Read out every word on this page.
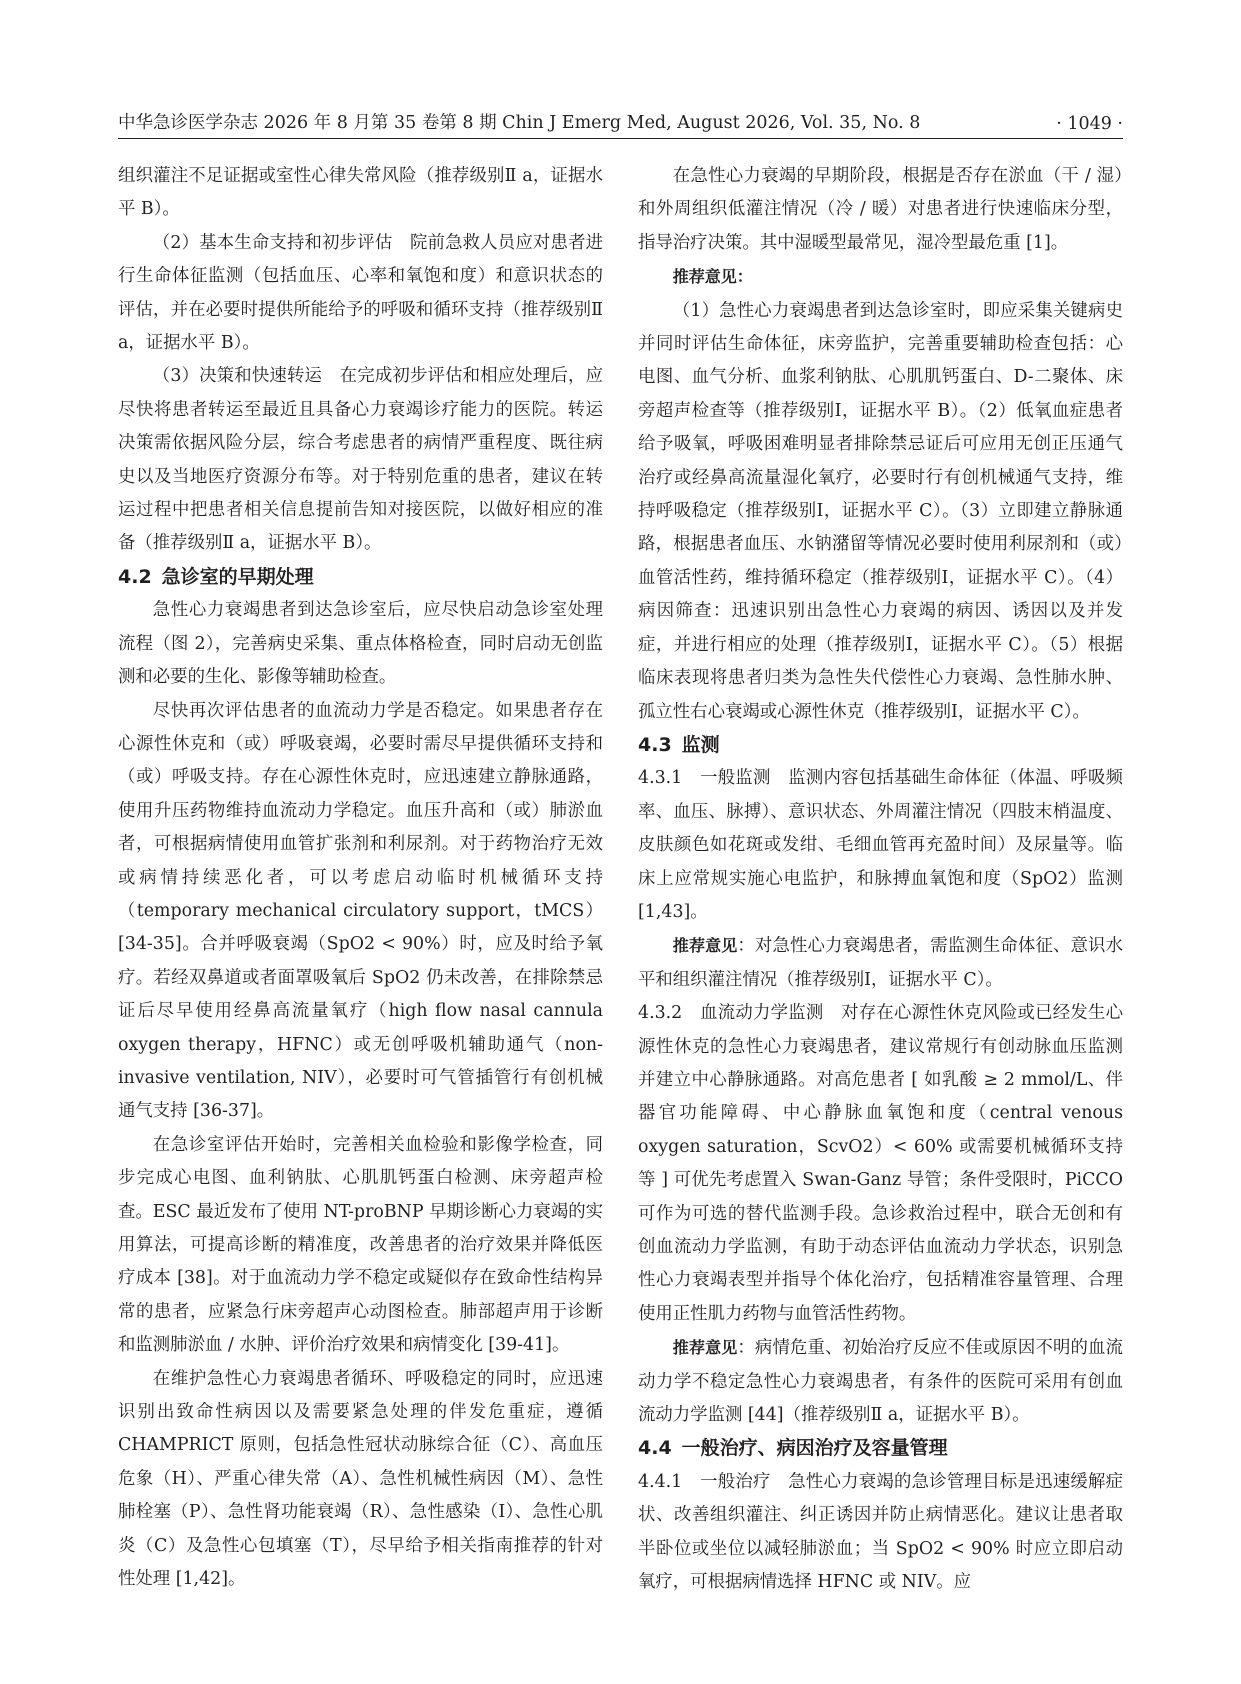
中华急诊医学杂志 2026 年 8 月第 35 卷第 8 期 Chin J Emerg Med, August 2026, Vol. 35, No. 8	· 1049 ·

组织灌注不足证据或室性心律失常风险（推荐级别Ⅱ a，证据水平 B）。

（2）基本生命支持和初步评估　院前急救人员应对患者进行生命体征监测（包括血压、心率和氧饱和度）和意识状态的评估，并在必要时提供所能给予的呼吸和循环支持（推荐级别Ⅱ a，证据水平 B）。

（3）决策和快速转运　在完成初步评估和相应处理后，应尽快将患者转运至最近且具备心力衰竭诊疗能力的医院。转运决策需依据风险分层，综合考虑患者的病情严重程度、既往病史以及当地医疗资源分布等。对于特别危重的患者，建议在转运过程中把患者相关信息提前告知对接医院，以做好相应的准备（推荐级别Ⅱ a，证据水平 B）。

4.2 急诊室的早期处理

急性心力衰竭患者到达急诊室后，应尽快启动急诊室处理流程（图 2），完善病史采集、重点体格检查，同时启动无创监测和必要的生化、影像等辅助检查。

尽快再次评估患者的血流动力学是否稳定。如果患者存在心源性休克和（或）呼吸衰竭，必要时需尽早提供循环支持和（或）呼吸支持。存在心源性休克时，应迅速建立静脉通路，使用升压药物维持血流动力学稳定。血压升高和（或）肺淤血者，可根据病情使用血管扩张剂和利尿剂。对于药物治疗无效或病情持续恶化者，可以考虑启动临时机械循环支持（temporary mechanical circulatory support，tMCS）[34-35]。合并呼吸衰竭（SpO2 < 90%）时，应及时给予氧疗。若经双鼻道或者面罩吸氧后 SpO2 仍未改善，在排除禁忌证后尽早使用经鼻高流量氧疗（high flow nasal cannula oxygen therapy，HFNC）或无创呼吸机辅助通气（non-invasive ventilation, NIV），必要时可气管插管行有创机械通气支持 [36-37]。

在急诊室评估开始时，完善相关血检验和影像学检查，同步完成心电图、血利钠肽、心肌肌钙蛋白检测、床旁超声检查。ESC 最近发布了使用 NT-proBNP 早期诊断心力衰竭的实用算法，可提高诊断的精准度，改善患者的治疗效果并降低医疗成本 [38]。对于血流动力学不稳定或疑似存在致命性结构异常的患者，应紧急行床旁超声心动图检查。肺部超声用于诊断和监测肺淤血 / 水肿、评价治疗效果和病情变化 [39-41]。

在维护急性心力衰竭患者循环、呼吸稳定的同时，应迅速识别出致命性病因以及需要紧急处理的伴发危重症，遵循 CHAMPRICT 原则，包括急性冠状动脉综合征（C）、高血压危象（H）、严重心律失常（A）、急性机械性病因（M）、急性肺栓塞（P）、急性肾功能衰竭（R）、急性感染（I）、急性心肌炎（C）及急性心包填塞（T），尽早给予相关指南推荐的针对性处理 [1,42]。

在急性心力衰竭的早期阶段，根据是否存在淤血（干 / 湿）和外周组织低灌注情况（冷 / 暖）对患者进行快速临床分型，指导治疗决策。其中湿暖型最常见，湿冷型最危重 [1]。

推荐意见：

（1）急性心力衰竭患者到达急诊室时，即应采集关键病史并同时评估生命体征，床旁监护，完善重要辅助检查包括：心电图、血气分析、血浆利钠肽、心肌肌钙蛋白、D-二聚体、床旁超声检查等（推荐级别Ⅰ，证据水平 B）。（2）低氧血症患者给予吸氧，呼吸困难明显者排除禁忌证后可应用无创正压通气治疗或经鼻高流量湿化氧疗，必要时行有创机械通气支持，维持呼吸稳定（推荐级别Ⅰ，证据水平 C）。（3）立即建立静脉通路，根据患者血压、水钠潴留等情况必要时使用利尿剂和（或）血管活性药，维持循环稳定（推荐级别Ⅰ，证据水平 C）。（4）病因筛查：迅速识别出急性心力衰竭的病因、诱因以及并发症，并进行相应的处理（推荐级别Ⅰ，证据水平 C）。（5）根据临床表现将患者归类为急性失代偿性心力衰竭、急性肺水肿、孤立性右心衰竭或心源性休克（推荐级别Ⅰ，证据水平 C）。

4.3 监测

4.3.1　一般监测　监测内容包括基础生命体征（体温、呼吸频率、血压、脉搏）、意识状态、外周灌注情况（四肢末梢温度、皮肤颜色如花斑或发绀、毛细血管再充盈时间）及尿量等。临床上应常规实施心电监护，和脉搏血氧饱和度（SpO2）监测 [1,43]。

推荐意见：对急性心力衰竭患者，需监测生命体征、意识水平和组织灌注情况（推荐级别Ⅰ，证据水平 C）。

4.3.2　血流动力学监测　对存在心源性休克风险或已经发生心源性休克的急性心力衰竭患者，建议常规行有创动脉血压监测并建立中心静脉通路。对高危患者 [ 如乳酸 ≥ 2 mmol/L、伴器官功能障碍、中心静脉血氧饱和度（central venous oxygen saturation，ScvO2）< 60% 或需要机械循环支持等 ] 可优先考虑置入 Swan-Ganz 导管；条件受限时，PiCCO 可作为可选的替代监测手段。急诊救治过程中，联合无创和有创血流动力学监测，有助于动态评估血流动力学状态，识别急性心力衰竭表型并指导个体化治疗，包括精准容量管理、合理使用正性肌力药物与血管活性药物。

推荐意见：病情危重、初始治疗反应不佳或原因不明的血流动力学不稳定急性心力衰竭患者，有条件的医院可采用有创血流动力学监测 [44]（推荐级别Ⅱ a，证据水平 B）。

4.4 一般治疗、病因治疗及容量管理

4.4.1　一般治疗　急性心力衰竭的急诊管理目标是迅速缓解症状、改善组织灌注、纠正诱因并防止病情恶化。建议让患者取半卧位或坐位以减轻肺淤血；当 SpO2 < 90% 时应立即启动氧疗，可根据病情选择 HFNC 或 NIV。应
